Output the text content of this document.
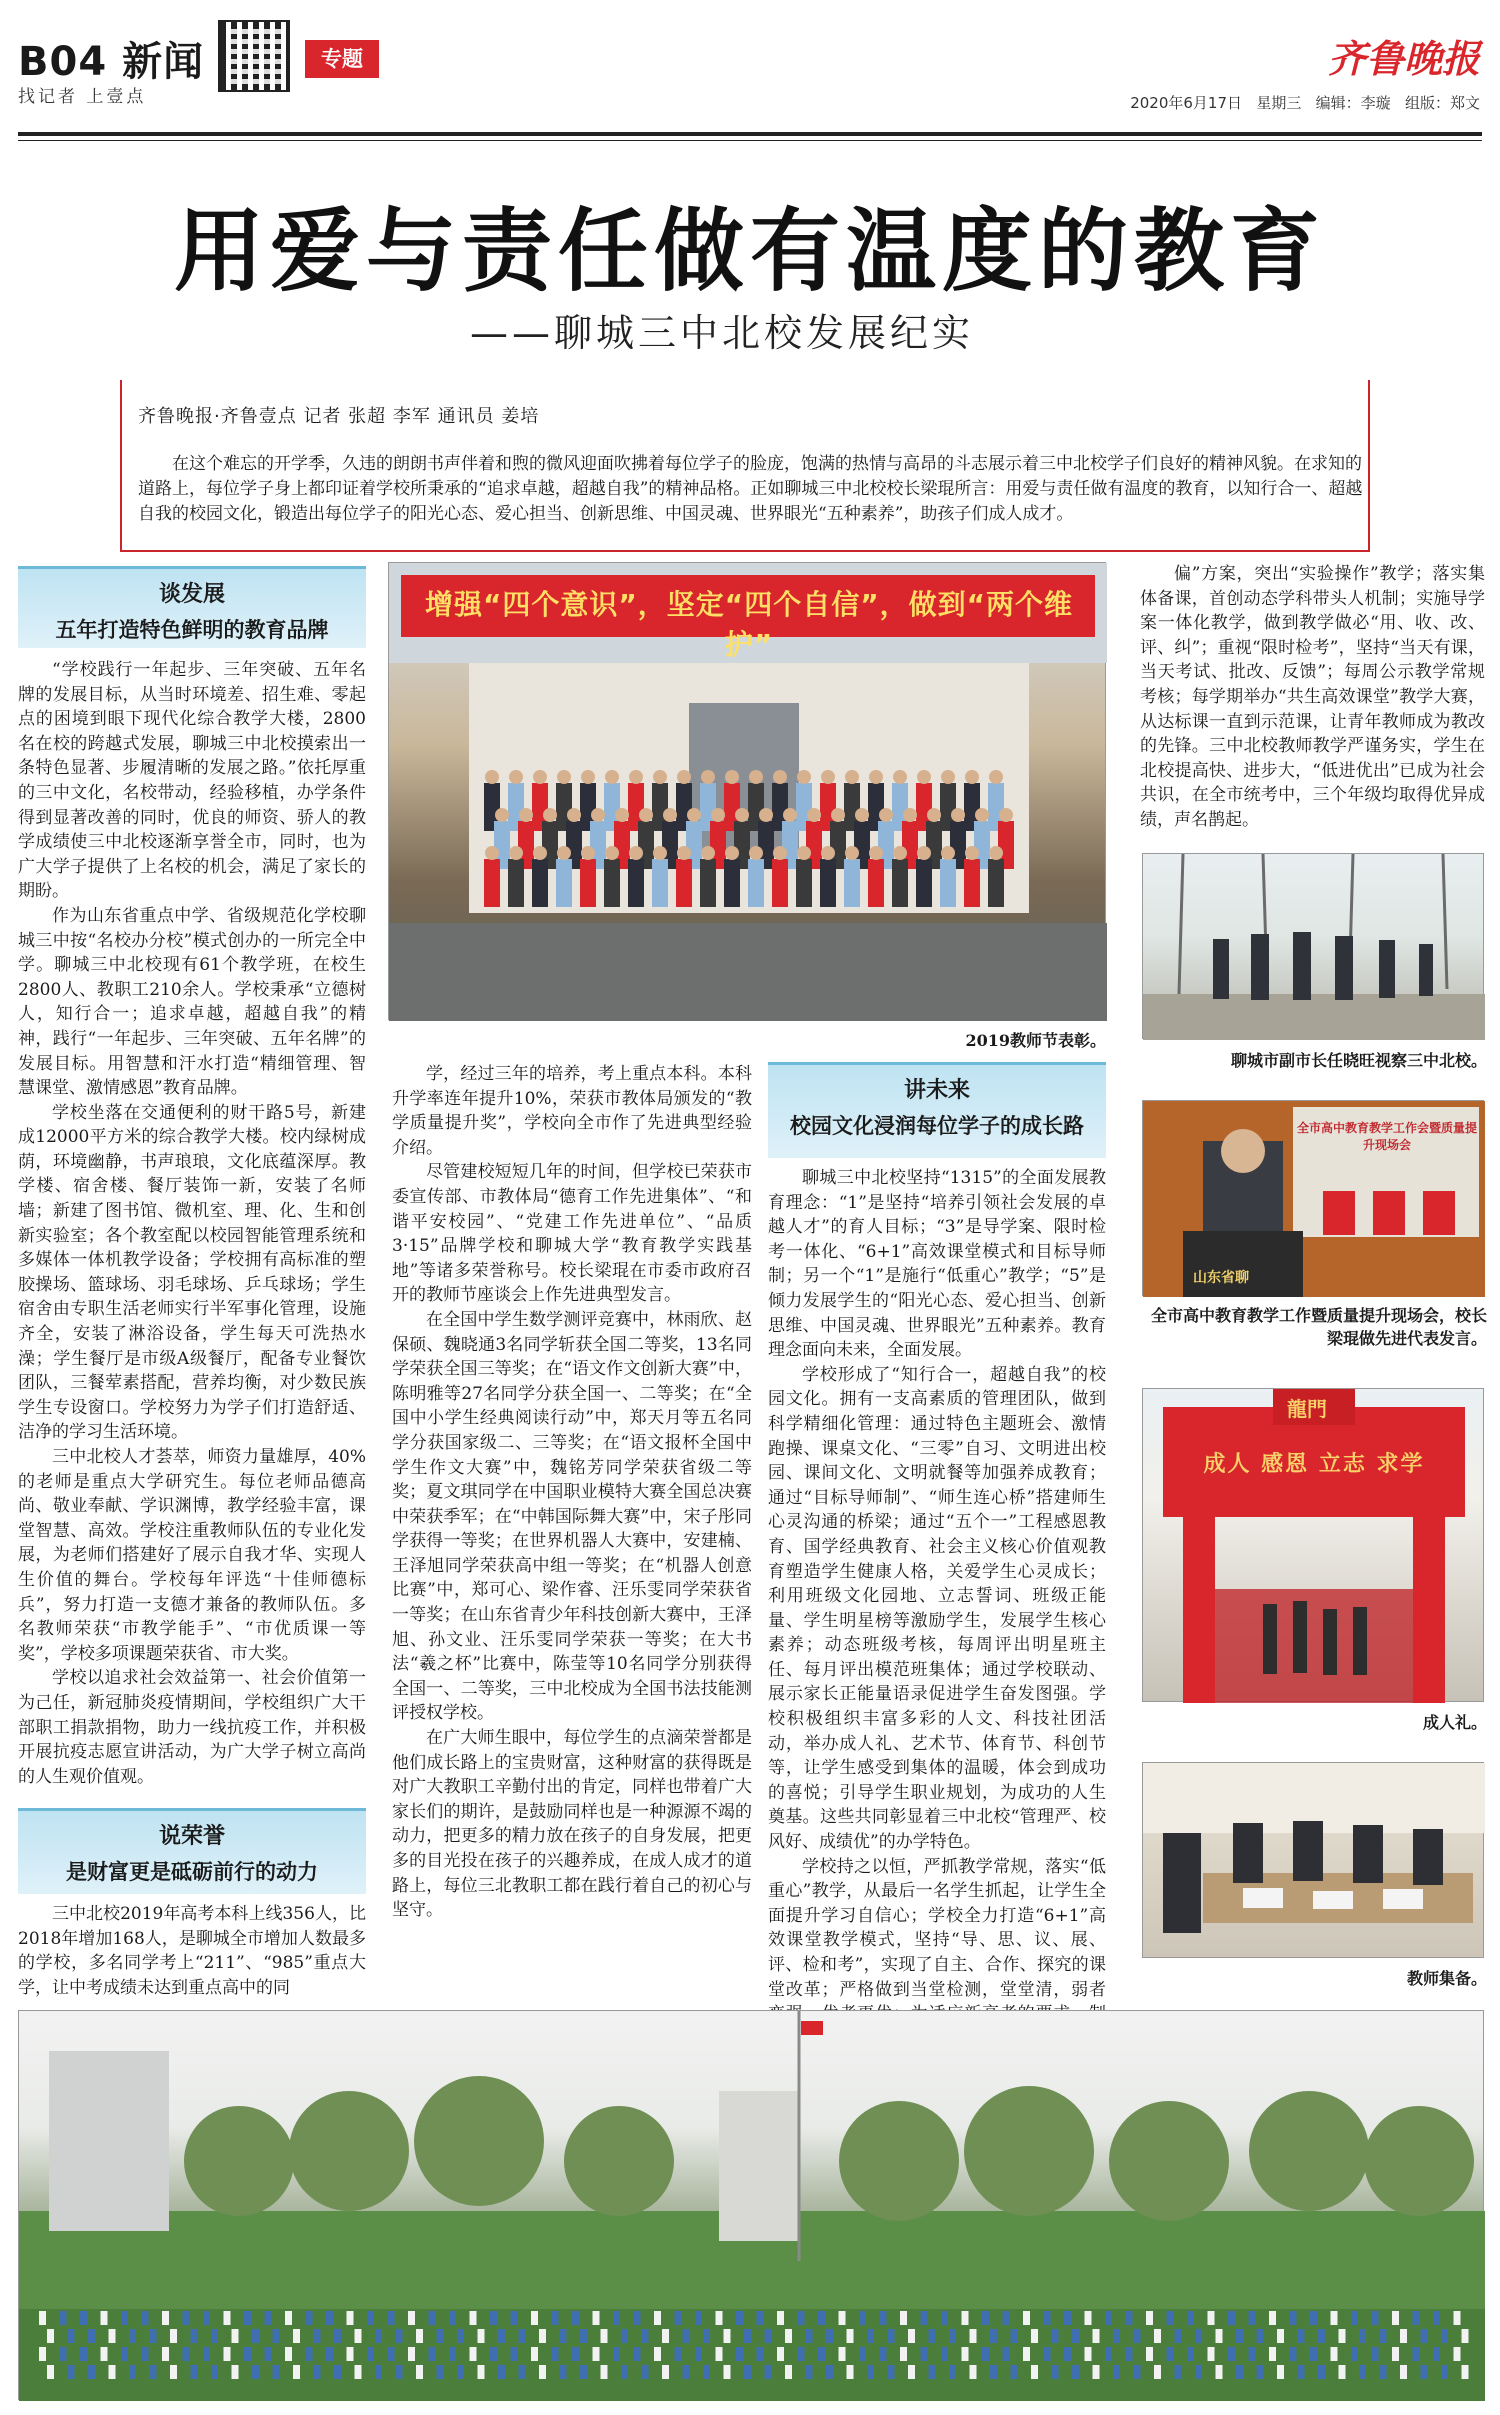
B04 新闻
找记者 上壹点
专题	齐鲁晚报
2020年6月17日 星期三 编辑：李璇 组版：郑文
用爱与责任做有温度的教育
——聊城三中北校发展纪实
齐鲁晚报·齐鲁壹点 记者 张超 李军 通讯员 姜培
在这个难忘的开学季，久违的朗朗书声伴着和煦的微风迎面吹拂着每位学子的脸庞，饱满的热情与高昂的斗志展示着三中北校学子们良好的精神风貌。在求知的道路上，每位学子身上都印证着学校所秉承的“追求卓越，超越自我”的精神品格。正如聊城三中北校校长梁琨所言：用爱与责任做有温度的教育，以知行合一、超越自我的校园文化，锻造出每位学子的阳光心态、爱心担当、创新思维、中国灵魂、世界眼光“五种素养”，助孩子们成人成才。
谈发展
五年打造特色鲜明的教育品牌

“学校践行一年起步、三年突破、五年名牌的发展目标，从当时环境差、招生难、零起点的困境到眼下现代化综合教学大楼，2800名在校的跨越式发展，聊城三中北校摸索出一条特色显著、步履清晰的发展之路。”依托厚重的三中文化，名校带动，经验移植，办学条件得到显著改善的同时，优良的师资、骄人的教学成绩使三中北校逐渐享誉全市，同时，也为广大学子提供了上名校的机会，满足了家长的期盼。

作为山东省重点中学、省级规范化学校聊城三中按“名校办分校”模式创办的一所完全中学。聊城三中北校现有61个教学班，在校生2800人、教职工210余人。学校秉承“立德树人，知行合一；追求卓越，超越自我”的精神，践行“一年起步、三年突破、五年名牌”的发展目标。用智慧和汗水打造“精细管理、智慧课堂、激情感恩”教育品牌。

学校坐落在交通便利的财干路5号，新建成12000平方米的综合教学大楼。校内绿树成荫，环境幽静，书声琅琅，文化底蕴深厚。教学楼、宿舍楼、餐厅装饰一新，安装了名师墙；新建了图书馆、微机室、理、化、生和创新实验室；各个教室配以校园智能管理系统和多媒体一体机教学设备；学校拥有高标准的塑胶操场、篮球场、羽毛球场、乒乓球场；学生宿舍由专职生活老师实行半军事化管理，设施齐全，安装了淋浴设备，学生每天可洗热水澡；学生餐厅是市级A级餐厅，配备专业餐饮团队，三餐荤素搭配，营养均衡，对少数民族学生专设窗口。学校努力为学子们打造舒适、洁净的学习生活环境。

三中北校人才荟萃，师资力量雄厚，40%的老师是重点大学研究生。每位老师品德高尚、敬业奉献、学识渊博，教学经验丰富，课堂智慧、高效。学校注重教师队伍的专业化发展，为老师们搭建好了展示自我才华、实现人生价值的舞台。学校每年评选“十佳师德标兵”，努力打造一支德才兼备的教师队伍。多名教师荣获“市教学能手”、“市优质课一等奖”，学校多项课题荣获省、市大奖。

学校以追求社会效益第一、社会价值第一为己任，新冠肺炎疫情期间，学校组织广大干部职工捐款捐物，助力一线抗疫工作，并积极开展抗疫志愿宣讲活动，为广大学子树立高尚的人生观价值观。

说荣誉
是财富更是砥砺前行的动力

三中北校2019年高考本科上线356人，比2018年增加168人，是聊城全市增加人数最多的学校，多名同学考上“211”、“985”重点大学，让中考成绩未达到重点高中的同

增强“四个意识”，坚定“四个自信”，做到“两个维护”
2019教师节表彰。

学，经过三年的培养，考上重点本科。本科升学率连年提升10%，荣获市教体局颁发的“教学质量提升奖”，学校向全市作了先进典型经验介绍。

尽管建校短短几年的时间，但学校已荣获市委宣传部、市教体局“德育工作先进集体”、“和谐平安校园”、“党建工作先进单位”、“品质3·15”品牌学校和聊城大学“教育教学实践基地”等诸多荣誉称号。校长梁琨在市委市政府召开的教师节座谈会上作先进典型发言。

在全国中学生数学测评竞赛中，林雨欣、赵保硕、魏晓通3名同学斩获全国二等奖，13名同学荣获全国三等奖；在“语文作文创新大赛”中，陈明雅等27名同学分获全国一、二等奖；在“全国中小学生经典阅读行动”中，郑天月等五名同学分获国家级二、三等奖；在“语文报杯全国中学生作文大赛”中，魏铭芳同学荣获省级二等奖；夏文琪同学在中国职业模特大赛全国总决赛中荣获季军；在“中韩国际舞大赛”中，宋子彤同学获得一等奖；在世界机器人大赛中，安建楠、王泽旭同学荣获高中组一等奖；在“机器人创意比赛”中，郑可心、梁作睿、汪乐雯同学荣获省一等奖；在山东省青少年科技创新大赛中，王泽旭、孙文业、汪乐雯同学荣获一等奖；在大书法“羲之杯”比赛中，陈莹等10名同学分别获得全国一、二等奖，三中北校成为全国书法技能测评授权学校。

在广大师生眼中，每位学生的点滴荣誉都是他们成长路上的宝贵财富，这种财富的获得既是对广大教职工辛勤付出的肯定，同样也带着广大家长们的期许，是鼓励同样也是一种源源不竭的动力，把更多的精力放在孩子的自身发展，把更多的目光投在孩子的兴趣养成，在成人成才的道路上，每位三北教职工都在践行着自己的初心与坚守。

讲未来
校园文化浸润每位学子的成长路

聊城三中北校坚持“1315”的全面发展教育理念：“1”是坚持“培养引领社会发展的卓越人才”的育人目标；“3”是导学案、限时检考一体化、“6+1”高效课堂模式和目标导师制；另一个“1”是施行“低重心”教学；“5”是倾力发展学生的“阳光心态、爱心担当、创新思维、中国灵魂、世界眼光”五种素养。教育理念面向未来，全面发展。

学校形成了“知行合一，超越自我”的校园文化。拥有一支高素质的管理团队，做到科学精细化管理：通过特色主题班会、激情跑操、课桌文化、“三零”自习、文明进出校园、课间文化、文明就餐等加强养成教育；通过“目标导师制”、“师生连心桥”搭建师生心灵沟通的桥梁；通过“五个一”工程感恩教育、国学经典教育、社会主义核心价值观教育塑造学生健康人格，关爱学生心灵成长；利用班级文化园地、立志誓词、班级正能量、学生明星榜等激励学生，发展学生核心素养；动态班级考核，每周评出明星班主任、每月评出模范班集体；通过学校联动、展示家长正能量语录促进学生奋发图强。学校积极组织丰富多彩的人文、科技社团活动，举办成人礼、艺术节、体育节、科创节等，让学生感受到集体的温暖，体会到成功的喜悦；引导学生职业规划，为成功的人生奠基。这些共同彰显着三中北校“管理严、校风好、成绩优”的办学特色。

学校持之以恒，严抓教学常规，落实“低重心”教学，从最后一名学生抓起，让学生全面提升学习自信心；学校全力打造“6+1”高效课堂教学模式，坚持“导、思、议、展、评、检和考”，实现了自主、合作、探究的课堂改革；严格做到当堂检测，堂堂清，弱者

偏”方案，突出“实验操作”教学；落实集体备课，首创动态学科带头人机制；实施导学案一体化教学，做到教学做必“用、收、改、评、纠”；重视“限时检考”，坚持“当天有课，当天考试、批改、反馈”；每周公示教学常规考核；每学期举办“共生高效课堂”教学大赛，从达标课一直到示范课，让青年教师成为教改的先锋。三中北校教师教学严谨务实，学生在北校提高快、进步大，“低进优出”已成为社会共识，在全市统考中，三个年级均取得优异成绩，声名鹊起。

聊城市副市长任晓旺视察三中北校。
全市高中教育教学工作会暨质量提升现场会
山东省聊
全市高中教育教学工作暨质量提升现场会，校长梁琨做先进代表发言。
龍門
成人 感恩 立志 求学
成人礼。
教师集备。
